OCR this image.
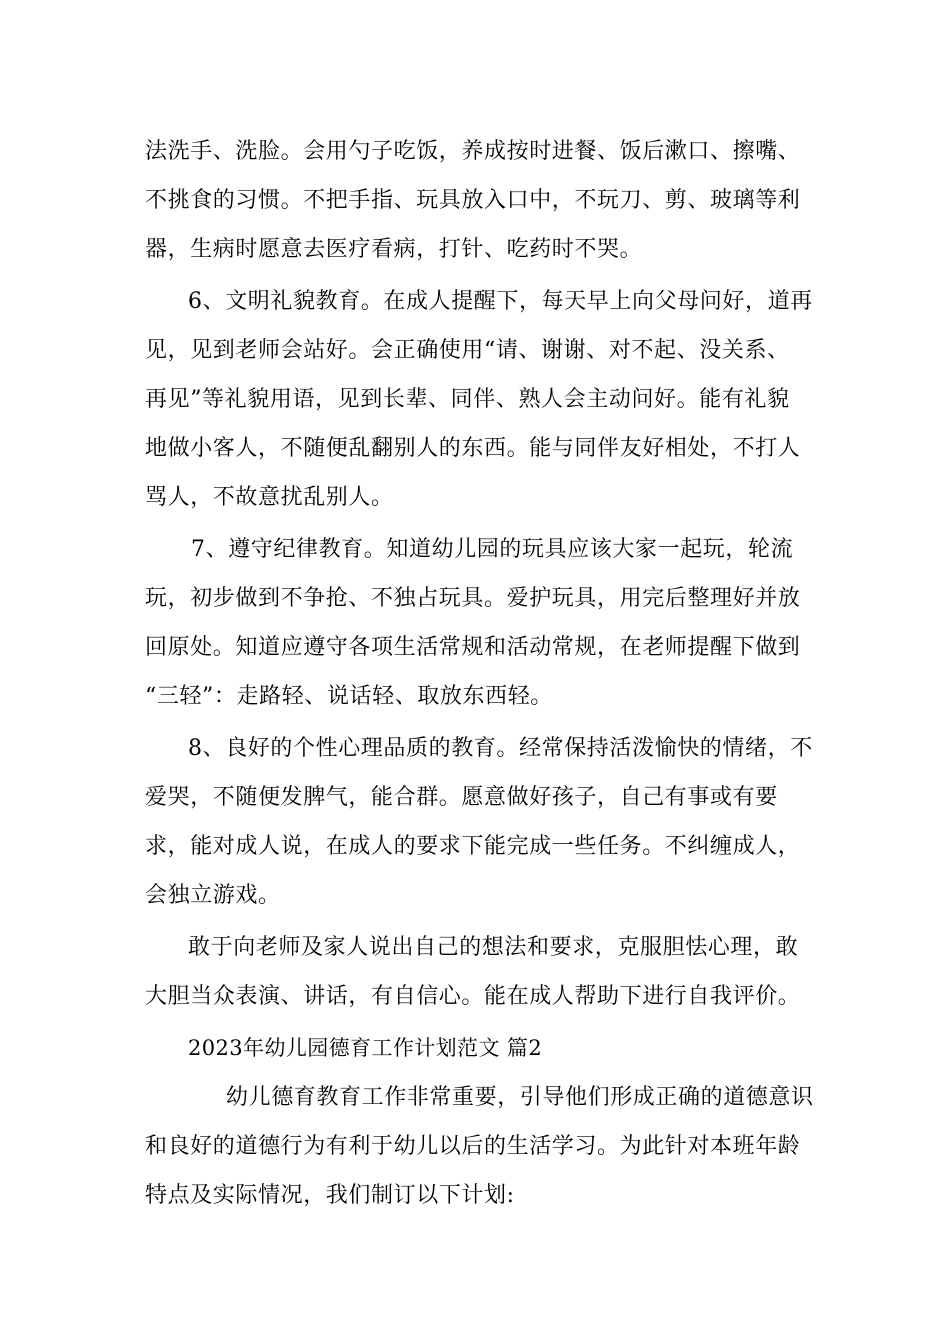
法洗手、洗脸。会用勺子吃饭，养成按时进餐、饭后漱口、擦嘴、
不挑食的习惯。不把手指、玩具放入口中，不玩刀、剪、玻璃等利
器，生病时愿意去医疗看病，打针、吃药时不哭。
6、文明礼貌教育。在成人提醒下，每天早上向父母问好，道再
见，见到老师会站好。会正确使用“请、谢谢、对不起、没关系、
再见”等礼貌用语，见到长辈、同伴、熟人会主动问好。能有礼貌
地做小客人，不随便乱翻别人的东西。能与同伴友好相处，不打人
骂人，不故意扰乱别人。
7、遵守纪律教育。知道幼儿园的玩具应该大家一起玩，轮流
玩，初步做到不争抢、不独占玩具。爱护玩具，用完后整理好并放
回原处。知道应遵守各项生活常规和活动常规，在老师提醒下做到
“三轻”：走路轻、说话轻、取放东西轻。
8、良好的个性心理品质的教育。经常保持活泼愉快的情绪，不
爱哭，不随便发脾气，能合群。愿意做好孩子，自己有事或有要
求，能对成人说，在成人的要求下能完成一些任务。不纠缠成人，
会独立游戏。
敢于向老师及家人说出自己的想法和要求，克服胆怯心理，敢
大胆当众表演、讲话，有自信心。能在成人帮助下进行自我评价。
2023年幼儿园德育工作计划范文 篇2
幼儿德育教育工作非常重要，引导他们形成正确的道德意识
和良好的道德行为有利于幼儿以后的生活学习。为此针对本班年龄
特点及实际情况，我们制订以下计划:
